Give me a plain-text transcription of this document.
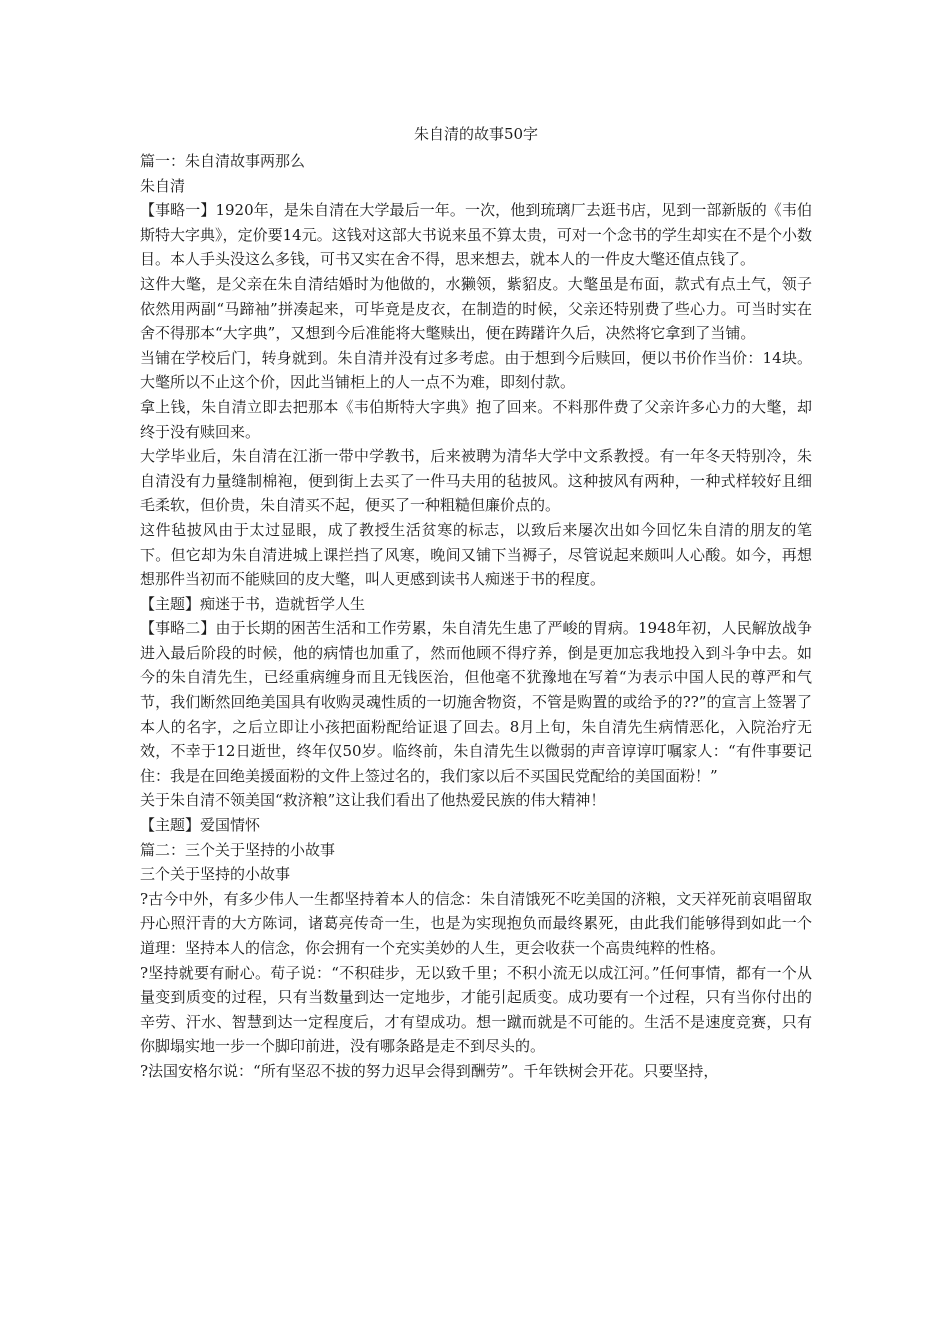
朱自清的故事50字

篇一：朱自清故事两那么

朱自清

【事略一】1920年，是朱自清在大学最后一年。一次，他到琉璃厂去逛书店，见到一部新版的《韦伯斯特大字典》，定价要14元。这钱对这部大书说来虽不算太贵，可对一个念书的学生却实在不是个小数目。本人手头没这么多钱，可书又实在舍不得，思来想去，就本人的一件皮大氅还值点钱了。

这件大氅，是父亲在朱自清结婚时为他做的，水獭领，紫貂皮。大氅虽是布面，款式有点土气，领子依然用两副“马蹄袖”拼凑起来，可毕竟是皮衣，在制造的时候，父亲还特别费了些心力。可当时实在舍不得那本“大字典”，又想到今后准能将大氅赎出，便在踌躇许久后，决然将它拿到了当铺。

当铺在学校后门，转身就到。朱自清并没有过多考虑。由于想到今后赎回，便以书价作当价：14块。大氅所以不止这个价，因此当铺柜上的人一点不为难，即刻付款。

拿上钱，朱自清立即去把那本《韦伯斯特大字典》抱了回来。不料那件费了父亲许多心力的大氅，却终于没有赎回来。

大学毕业后，朱自清在江浙一带中学教书，后来被聘为清华大学中文系教授。有一年冬天特别冷，朱自清没有力量缝制棉袍，便到街上去买了一件马夫用的毡披风。这种披风有两种，一种式样较好且细毛柔软，但价贵，朱自清买不起，便买了一种粗糙但廉价点的。

这件毡披风由于太过显眼，成了教授生活贫寒的标志，以致后来屡次出如今回忆朱自清的朋友的笔下。但它却为朱自清进城上课拦挡了风寒，晚间又铺下当褥子，尽管说起来颇叫人心酸。如今，再想想那件当初而不能赎回的皮大氅，叫人更感到读书人痴迷于书的程度。

【主题】痴迷于书，造就哲学人生

【事略二】由于长期的困苦生活和工作劳累，朱自清先生患了严峻的胃病。1948年初，人民解放战争进入最后阶段的时候，他的病情也加重了，然而他顾不得疗养，倒是更加忘我地投入到斗争中去。如今的朱自清先生，已经重病缠身而且无钱医治，但他毫不犹豫地在写着“为表示中国人民的尊严和气节，我们断然回绝美国具有收购灵魂性质的一切施舍物资，不管是购置的或给予的??”的宣言上签署了本人的名字，之后立即让小孩把面粉配给证退了回去。8月上旬，朱自清先生病情恶化，入院治疗无效，不幸于12日逝世，终年仅50岁。临终前，朱自清先生以微弱的声音谆谆叮嘱家人：“有件事要记住：我是在回绝美援面粉的文件上签过名的，我们家以后不买国民党配给的美国面粉！”

关于朱自清不领美国“救济粮”这让我们看出了他热爱民族的伟大精神！

【主题】爱国情怀

篇二：三个关于坚持的小故事

三个关于坚持的小故事

?古今中外，有多少伟人一生都坚持着本人的信念：朱自清饿死不吃美国的济粮，文天祥死前哀唱留取丹心照汗青的大方陈词，诸葛亮传奇一生，也是为实现抱负而最终累死，由此我们能够得到如此一个道理：坚持本人的信念，你会拥有一个充实美妙的人生，更会收获一个高贵纯粹的性格。

?坚持就要有耐心。荀子说：“不积硅步，无以致千里；不积小流无以成江河。”任何事情，都有一个从量变到质变的过程，只有当数量到达一定地步，才能引起质变。成功要有一个过程，只有当你付出的辛劳、汗水、智慧到达一定程度后，才有望成功。想一蹴而就是不可能的。生活不是速度竞赛，只有你脚塌实地一步一个脚印前进，没有哪条路是走不到尽头的。

?法国安格尔说：“所有坚忍不拔的努力迟早会得到酬劳”。千年铁树会开花。只要坚持，
